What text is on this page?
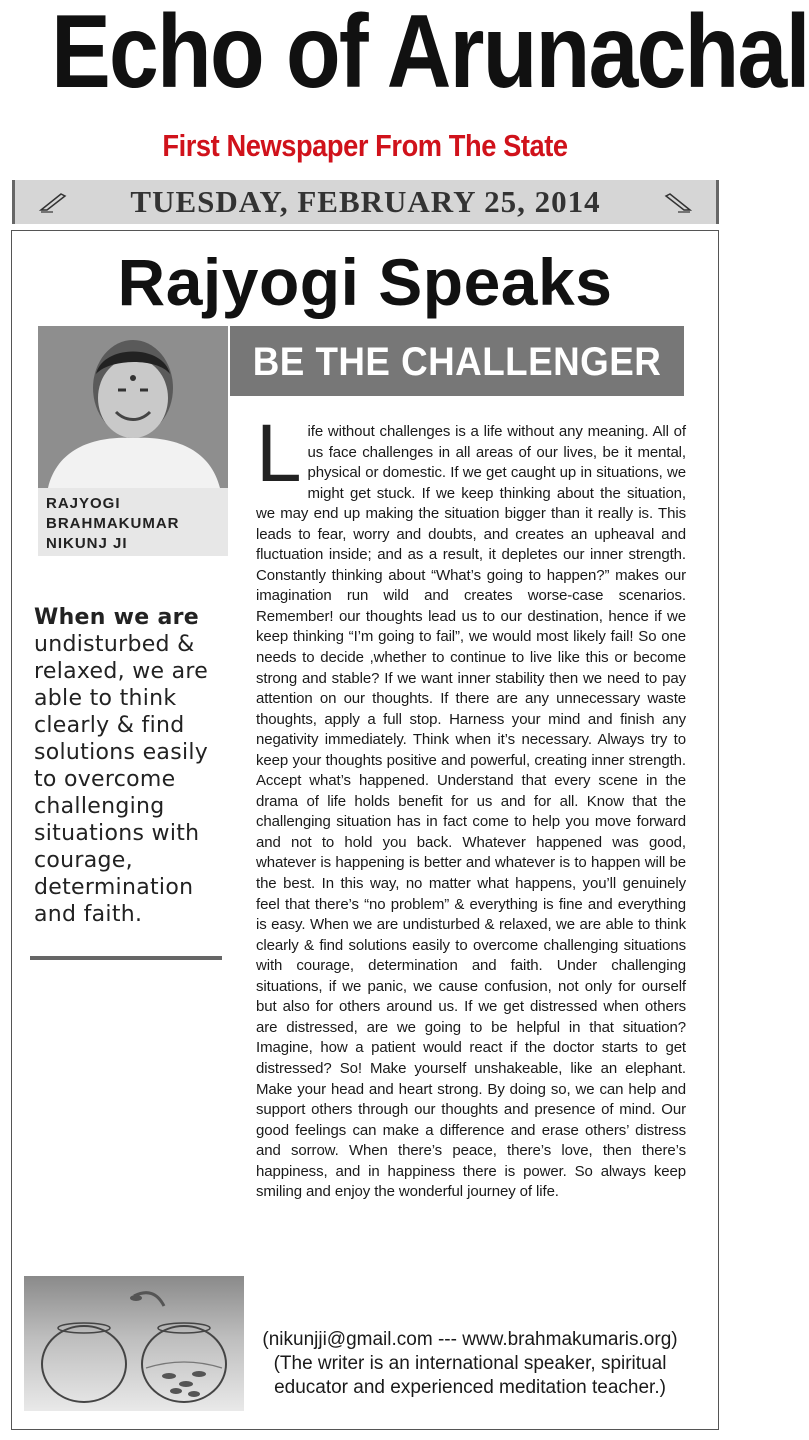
Echo of Arunachal
First Newspaper From The State
TUESDAY, FEBRUARY 25, 2014
Rajyogi Speaks
RAJYOGI
BRAHMAKUMAR
NIKUNJ JI
BE THE CHALLENGER
When we are undisturbed & relaxed, we are able to think clearly & find solutions easily to overcome challenging situations with courage, determination and faith.
L ife without challenges is a life without any meaning. All of us face challenges in all areas of our lives, be it mental, physical or domestic. If we get caught up in situations, we might get stuck. If we keep thinking about the situation, we may end up making the situation bigger than it really is. This leads to fear, worry and doubts, and creates an upheaval and fluctuation inside; and as a result, it depletes our inner strength. Constantly thinking about “What’s going to happen?” makes our imagination run wild and creates worse-case scenarios. Remember! our thoughts lead us to our destination, hence if we keep thinking “I’m going to fail”, we would most likely fail! So one needs to decide ,whether to continue to live like this or become strong and stable? If we want inner stability then we need to pay attention on our thoughts. If there are any unnecessary waste thoughts, apply a full stop. Harness your mind and finish any negativity immediately. Think when it’s necessary. Always try to keep your thoughts positive and powerful, creating inner strength. Accept what’s happened. Understand that every scene in the drama of life holds benefit for us and for all. Know that the challenging situation has in fact come to help you move forward and not to hold you back. Whatever happened was good, whatever is happening is better and whatever is to happen will be the best. In this way, no matter what happens, you’ll genuinely feel that there’s “no problem” & everything is fine and everything is easy. When we are undisturbed & relaxed, we are able to think clearly & find solutions easily to overcome challenging situations with courage, determination and faith. Under challenging situations, if we panic, we cause confusion, not only for ourself but also for others around us. If we get distressed when others are distressed, are we going to be helpful in that situation? Imagine, how a patient would react if the doctor starts to get distressed? So! Make yourself unshakeable, like an elephant. Make your head and heart strong. By doing so, we can help and support others through our thoughts and presence of mind. Our good feelings can make a difference and erase others’ distress and sorrow. When there’s peace, there’s love, then there’s happiness, and in happiness there is power. So always keep smiling and enjoy the wonderful journey of life.
(nikunjji@gmail.com --- www.brahmakumaris.org)
(The writer is an international speaker, spiritual
educator and experienced meditation teacher.)
